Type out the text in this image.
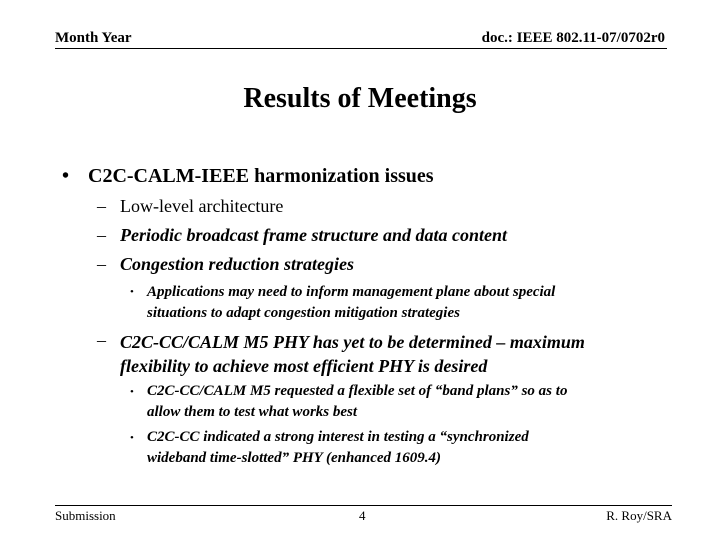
Month Year	doc.: IEEE 802.11-07/0702r0
Results of Meetings
• C2C-CALM-IEEE harmonization issues
– Low-level architecture
– Periodic broadcast frame structure and data content
– Congestion reduction strategies
• Applications may need to inform management plane about special
situations to adapt congestion mitigation strategies
– C2C-CC/CALM M5 PHY has yet to be determined – maximum
flexibility to achieve most efficient PHY is desired
• C2C-CC/CALM M5 requested a flexible set of “band plans” so as to
allow them to test what works best
• C2C-CC indicated a strong interest in testing a “synchronized
wideband time-slotted” PHY (enhanced 1609.4)
Submission	4	R. Roy/SRA
